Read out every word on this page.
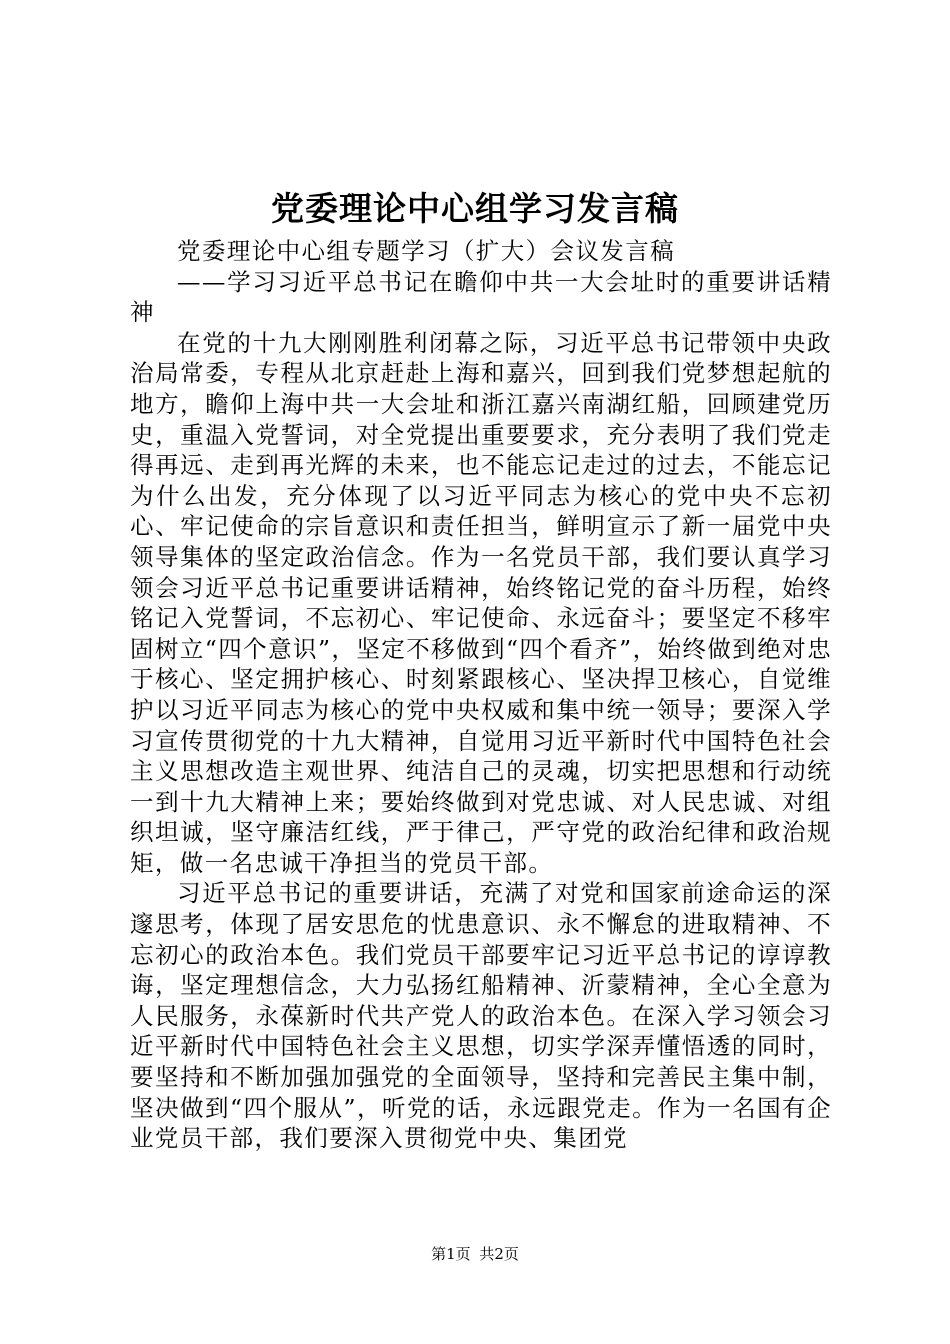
党委理论中心组学习发言稿

党委理论中心组专题学习（扩大）会议发言稿

——学习习近平总书记在瞻仰中共一大会址时的重要讲话精神

在党的十九大刚刚胜利闭幕之际，习近平总书记带领中央政治局常委，专程从北京赶赴上海和嘉兴，回到我们党梦想起航的地方，瞻仰上海中共一大会址和浙江嘉兴南湖红船，回顾建党历史，重温入党誓词，对全党提出重要要求，充分表明了我们党走得再远、走到再光辉的未来，也不能忘记走过的过去，不能忘记为什么出发，充分体现了以习近平同志为核心的党中央不忘初心、牢记使命的宗旨意识和责任担当，鲜明宣示了新一届党中央领导集体的坚定政治信念。作为一名党员干部，我们要认真学习领会习近平总书记重要讲话精神，始终铭记党的奋斗历程，始终铭记入党誓词，不忘初心、牢记使命、永远奋斗；要坚定不移牢固树立“四个意识”，坚定不移做到“四个看齐”，始终做到绝对忠于核心、坚定拥护核心、时刻紧跟核心、坚决捍卫核心，自觉维护以习近平同志为核心的党中央权威和集中统一领导；要深入学习宣传贯彻党的十九大精神，自觉用习近平新时代中国特色社会主义思想改造主观世界、纯洁自己的灵魂，切实把思想和行动统一到十九大精神上来；要始终做到对党忠诚、对人民忠诚、对组织坦诚，坚守廉洁红线，严于律己，严守党的政治纪律和政治规矩，做一名忠诚干净担当的党员干部。

习近平总书记的重要讲话，充满了对党和国家前途命运的深邃思考，体现了居安思危的忧患意识、永不懈怠的进取精神、不忘初心的政治本色。我们党员干部要牢记习近平总书记的谆谆教诲，坚定理想信念，大力弘扬红船精神、沂蒙精神，全心全意为人民服务，永葆新时代共产党人的政治本色。在深入学习领会习近平新时代中国特色社会主义思想，切实学深弄懂悟透的同时，要坚持和不断加强加强党的全面领导，坚持和完善民主集中制，坚决做到“四个服从”，听党的话，永远跟党走。作为一名国有企业党员干部，我们要深入贯彻党中央、集团党

第1页 共2页
